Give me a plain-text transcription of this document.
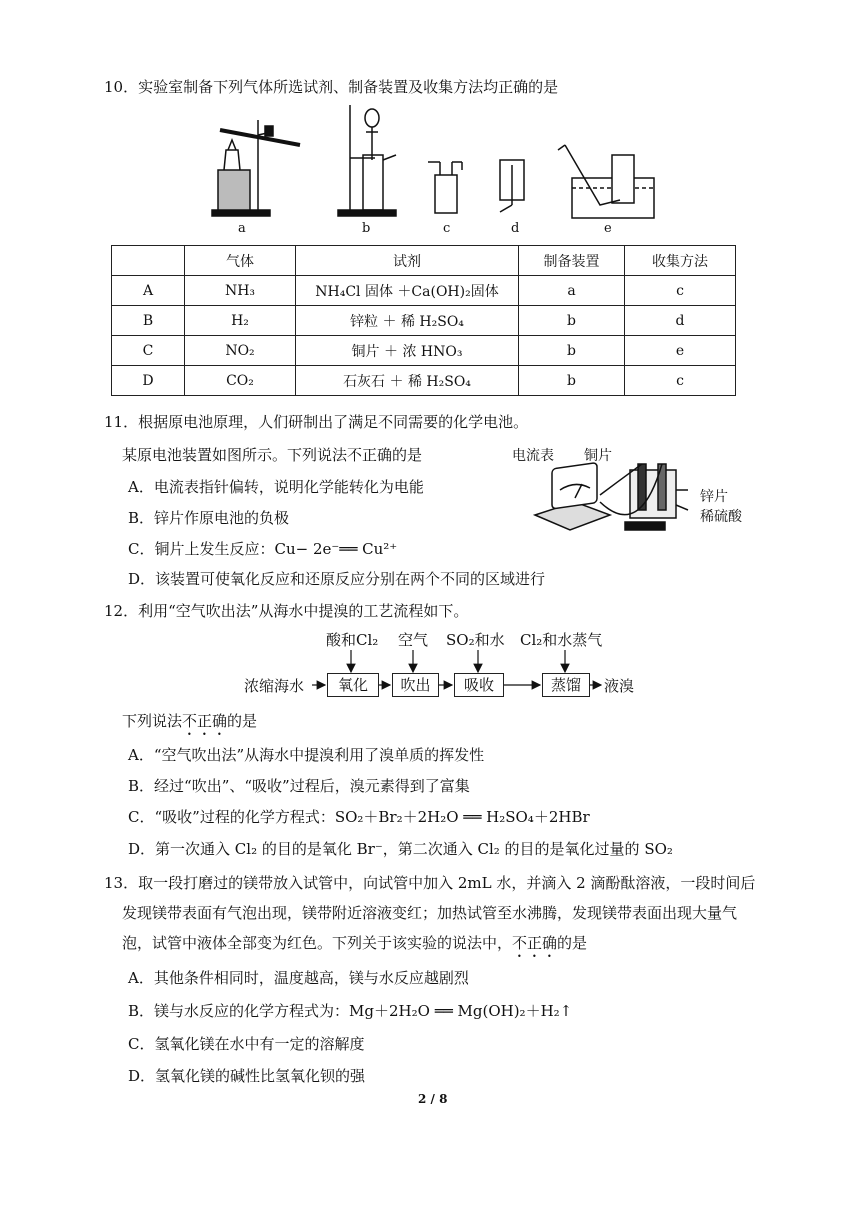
10．实验室制备下列气体所选试剂、制备装置及收集方法均正确的是
a	b	c	d	e
	气体	试剂	制备装置	收集方法
A	NH₃	NH₄Cl 固体 ＋Ca(OH)₂固体	a	c
B	H₂	锌粒 ＋ 稀 H₂SO₄	b	d
C	NO₂	铜片 ＋ 浓 HNO₃	b	e
D	CO₂	石灰石 ＋ 稀 H₂SO₄	b	c
11．根据原电池原理，人们研制出了满足不同需要的化学电池。
某原电池装置如图所示。下列说法不正确的是
A．电流表指针偏转，说明化学能转化为电能
B．锌片作原电池的负极
C．铜片上发生反应：Cu− 2e⁻══ Cu²⁺
D．该装置可使氧化反应和还原反应分别在两个不同的区域进行
电流表 铜片
锌片
稀硫酸
12．利用“空气吹出法”从海水中提溴的工艺流程如下。
酸和Cl₂ 空气 SO₂和水 Cl₂和水蒸气
浓缩海水	氧化	吹出	吸收	蒸馏	液溴
下列说法不正确的是
A．“空气吹出法”从海水中提溴利用了溴单质的挥发性
B．经过“吹出”、“吸收”过程后，溴元素得到了富集
C．“吸收”过程的化学方程式：SO₂＋Br₂＋2H₂O ══ H₂SO₄＋2HBr
D．第一次通入 Cl₂ 的目的是氧化 Br⁻，第二次通入 Cl₂ 的目的是氧化过量的 SO₂
13．取一段打磨过的镁带放入试管中，向试管中加入 2mL 水，并滴入 2 滴酚酞溶液，一段时间后
发现镁带表面有气泡出现，镁带附近溶液变红；加热试管至水沸腾，发现镁带表面出现大量气
泡，试管中液体全部变为红色。下列关于该实验的说法中，不正确的是
A．其他条件相同时，温度越高，镁与水反应越剧烈
B．镁与水反应的化学方程式为：Mg＋2H₂O ══ Mg(OH)₂＋H₂↑
C．氢氧化镁在水中有一定的溶解度
D．氢氧化镁的碱性比氢氧化钡的强
2 / 8
